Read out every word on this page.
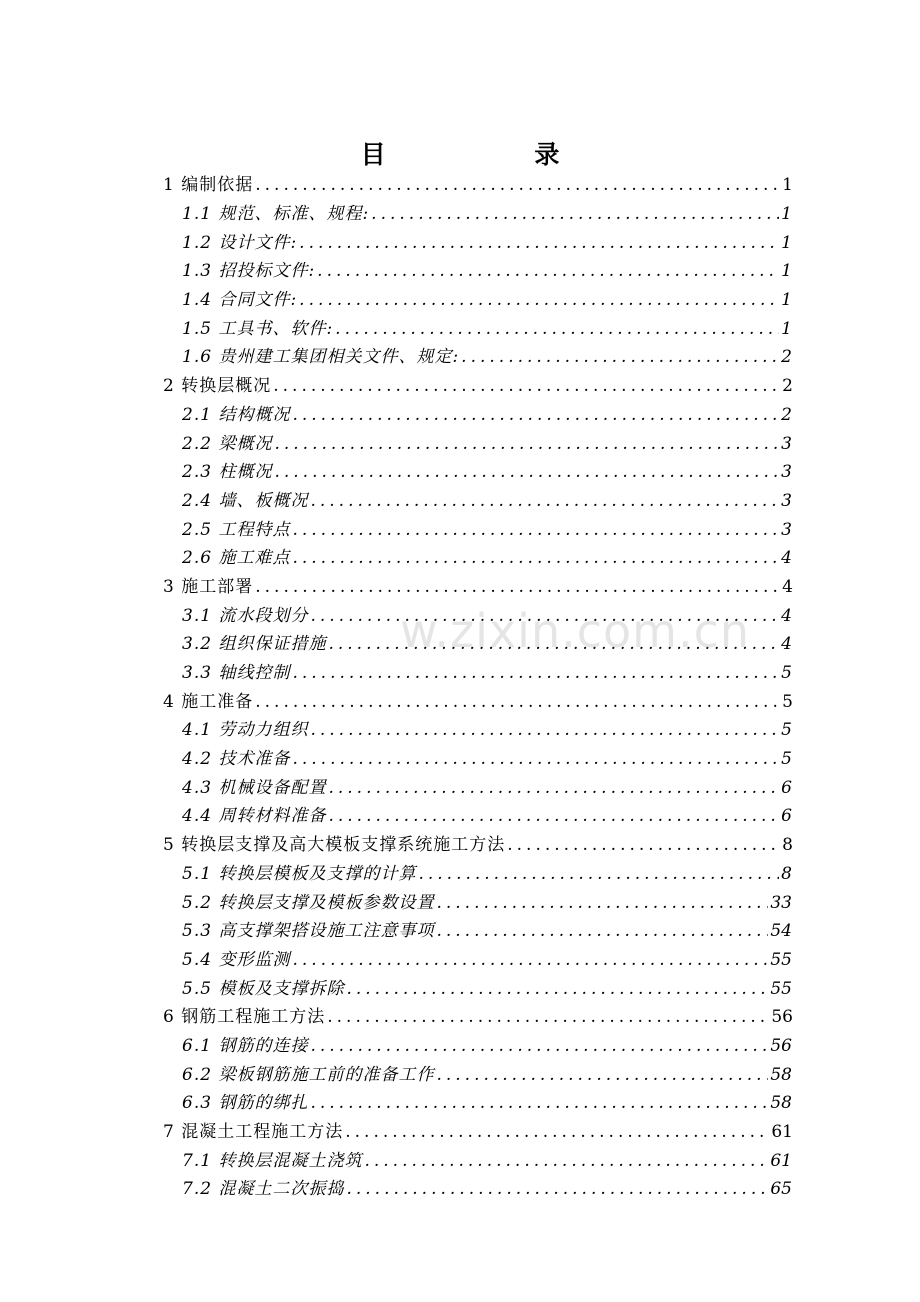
目 录
1 编制依据 .....	1
1.1 规范、标准、规程: .....	1
1.2 设计文件: .....	1
1.3 招投标文件: .....	1
1.4 合同文件: .....	1
1.5 工具书、软件: .....	1
1.6 贵州建工集团相关文件、规定: .....	2
2 转换层概况 .....	2
2.1 结构概况 .....	2
2.2 梁概况 .....	3
2.3 柱概况 .....	3
2.4 墙、板概况 .....	3
2.5 工程特点 .....	3
2.6 施工难点 .....	4
3 施工部署 .....	4
3.1 流水段划分 .....	4
3.2 组织保证措施 .....	4
3.3 轴线控制 .....	5
4 施工准备 .....	5
4.1 劳动力组织 .....	5
4.2 技术准备 .....	5
4.3 机械设备配置 .....	6
4.4 周转材料准备 .....	6
5 转换层支撑及高大模板支撑系统施工方法 .....	8
5.1 转换层模板及支撑的计算 .....	8
5.2 转换层支撑及模板参数设置 .....	33
5.3 高支撑架搭设施工注意事项 .....	54
5.4 变形监测 .....	55
5.5 模板及支撑拆除 .....	55
6 钢筋工程施工方法 .....	56
6.1 钢筋的连接 .....	56
6.2 梁板钢筋施工前的准备工作 .....	58
6.3 钢筋的绑扎 .....	58
7 混凝土工程施工方法 .....	61
7.1 转换层混凝土浇筑 .....	61
7.2 混凝土二次振捣 .....	65
w.zixin.com.cn
